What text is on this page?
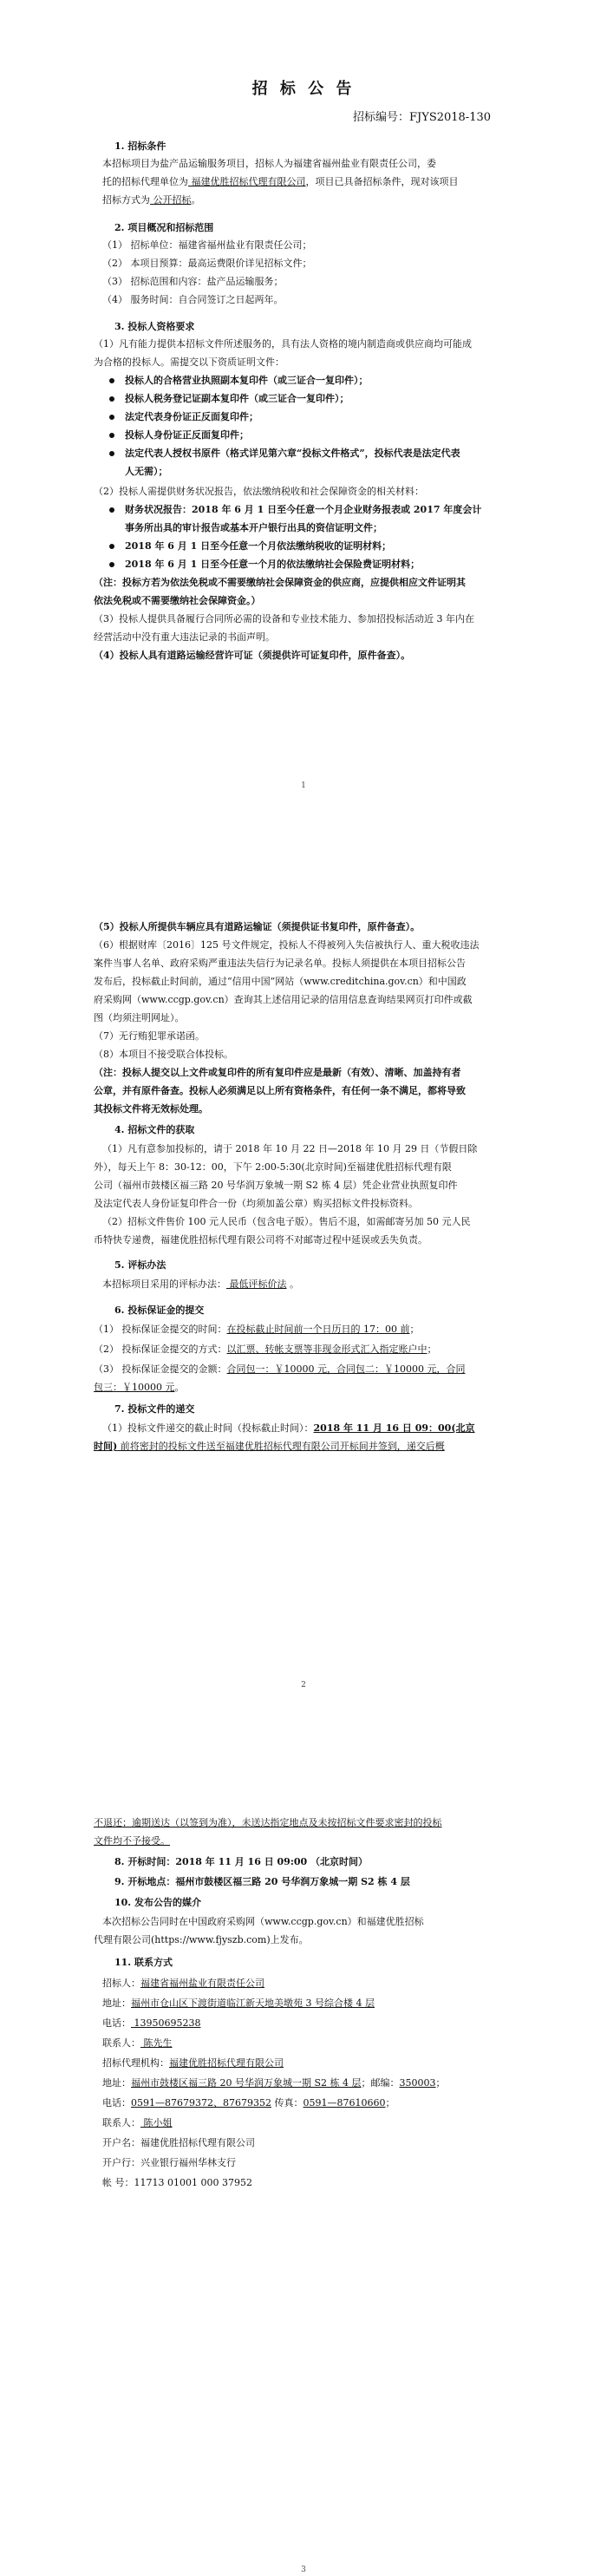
招 标 公 告
招标编号：FJYS2018-130
1. 招标条件
本招标项目为盐产品运输服务项目，招标人为福建省福州盐业有限责任公司，委
托的招标代理单位为 福建优胜招标代理有限公司，项目已具备招标条件，现对该项目
招标方式为 公开招标。
2. 项目概况和招标范围
（1） 招标单位：福建省福州盐业有限责任公司；
（2） 本项目预算：最高运费限价详见招标文件；
（3） 招标范围和内容：盐产品运输服务；
（4） 服务时间：自合同签订之日起两年。
3. 投标人资格要求
（1）凡有能力提供本招标文件所述服务的，具有法人资格的境内制造商或供应商均可能成
为合格的投标人。需提交以下资质证明文件：
投标人的合格营业执照副本复印件（或三证合一复印件）；
投标人税务登记证副本复印件（或三证合一复印件）；
法定代表身份证正反面复印件；
投标人身份证正反面复印件；
法定代表人授权书原件（格式详见第六章“投标文件格式”，投标代表是法定代表
人无需）；
（2）投标人需提供财务状况报告，依法缴纳税收和社会保障资金的相关材料：
财务状况报告：2018 年 6 月 1 日至今任意一个月企业财务报表或 2017 年度会计
事务所出具的审计报告或基本开户银行出具的资信证明文件；
2018 年 6 月 1 日至今任意一个月依法缴纳税收的证明材料；
2018 年 6 月 1 日至今任意一个月的依法缴纳社会保险费证明材料；
（注：投标方若为依法免税或不需要缴纳社会保障资金的供应商，应提供相应文件证明其
依法免税或不需要缴纳社会保障资金。）
（3）投标人提供具备履行合同所必需的设备和专业技术能力、参加招投标活动近 3 年内在
经营活动中没有重大违法记录的书面声明。
（4）投标人具有道路运输经营许可证（须提供许可证复印件，原件备查）。
1
（5）投标人所提供车辆应具有道路运输证（须提供证书复印件，原件备查）。
（6）根据财库〔2016〕125 号文件规定，投标人不得被列入失信被执行人、重大税收违法
案件当事人名单、政府采购严重违法失信行为记录名单。投标人须提供在本项目招标公告
发布后，投标截止时间前，通过“信用中国”网站（www.creditchina.gov.cn）和中国政
府采购网（www.ccgp.gov.cn）查询其上述信用记录的信用信息查询结果网页打印件或截
图（均须注明网址）。
（7）无行贿犯罪承诺函。
（8）本项目不接受联合体投标。
（注：投标人提交以上文件或复印件的所有复印件应是最新（有效）、清晰、加盖持有者
公章，并有原件备查。投标人必须满足以上所有资格条件，有任何一条不满足，都将导致
其投标文件将无效标处理。
4. 招标文件的获取
（1）凡有意参加投标的，请于 2018 年 10 月 22 日—2018 年 10 月 29 日（节假日除
外），每天上午 8：30-12：00，下午 2:00-5:30(北京时间)至福建优胜招标代理有限
公司（福州市鼓楼区福三路 20 号华润万象城一期 S2 栋 4 层）凭企业营业执照复印件
及法定代表人身份证复印件合一份（均须加盖公章）购买招标文件投标资料。
（2）招标文件售价 100 元人民币（包含电子版）。售后不退，如需邮寄另加 50 元人民
币特快专递费，福建优胜招标代理有限公司将不对邮寄过程中延误或丢失负责。
5. 评标办法
本招标项目采用的评标办法： 最低评标价法 。
6. 投标保证金的提交
（1） 投标保证金提交的时间：在投标截止时间前一个日历日的 17：00 前；
（2） 投标保证金提交的方式：以汇票、转帐支票等非现金形式汇入指定账户中；
（3） 投标保证金提交的金额：合同包一：￥10000 元，合同包二：￥10000 元，合同
包三：￥10000 元。
7. 投标文件的递交
（1）投标文件递交的截止时间（投标截止时间）：2018 年 11 月 16 日 09：00(北京
时间) 前将密封的投标文件送至福建优胜招标代理有限公司开标间并签到，递交后概
2
不退还；逾期送达（以签到为准），未送达指定地点及未按招标文件要求密封的投标
文件均不予接受。
8. 开标时间：2018 年 11 月 16 日 09:00 （北京时间）
9. 开标地点：福州市鼓楼区福三路 20 号华润万象城一期 S2 栋 4 层
10. 发布公告的媒介
本次招标公告同时在中国政府采购网（www.ccgp.gov.cn）和福建优胜招标
代理有限公司(https://www.fjyszb.com)上发布。
11. 联系方式
招标人：福建省福州盐业有限责任公司
地址：福州市仓山区下渡街道临江新天地美墩苑 3 号综合楼 4 层
电话： 13950695238
联系人： 陈先生
招标代理机构：福建优胜招标代理有限公司
地址：福州市鼓楼区福三路 20 号华润万象城一期 S2 栋 4 层；邮编：350003；
电话：0591—87679372、87679352 传真：0591—87610660；
联系人： 陈小姐
开户名：福建优胜招标代理有限公司
开户行：兴业银行福州华林支行
帐 号：11713 01001 000 37952
3
